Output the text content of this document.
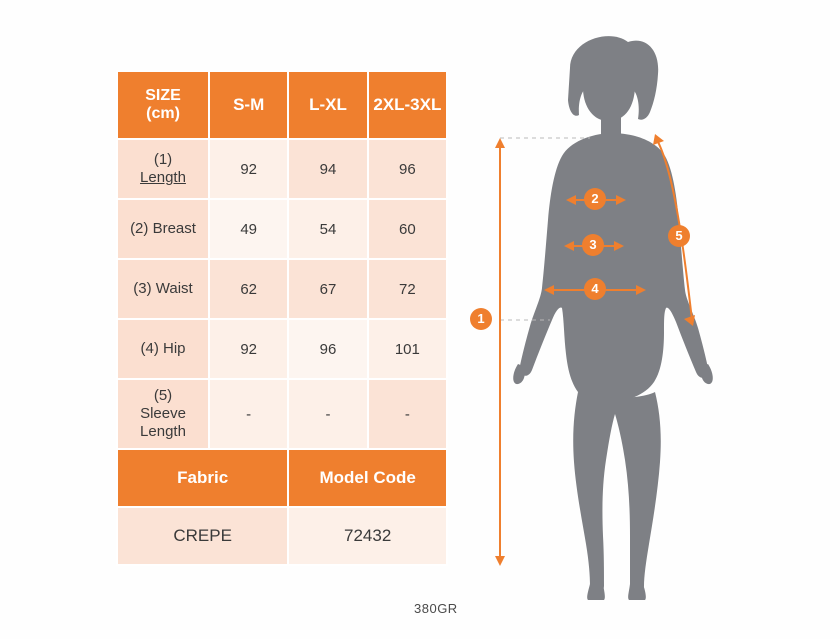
SIZE
(cm)	S-M	L-XL	2XL-3XL

(1)
Length	92	94	96

(2) Breast	49	54	60

(3) Waist	62	67	72

(4) Hip	92	96	101

(5)
Sleeve Length	-	-	-
Fabric		Model Code	
CREPE		72432	
380GR
1
2
3
4
5
